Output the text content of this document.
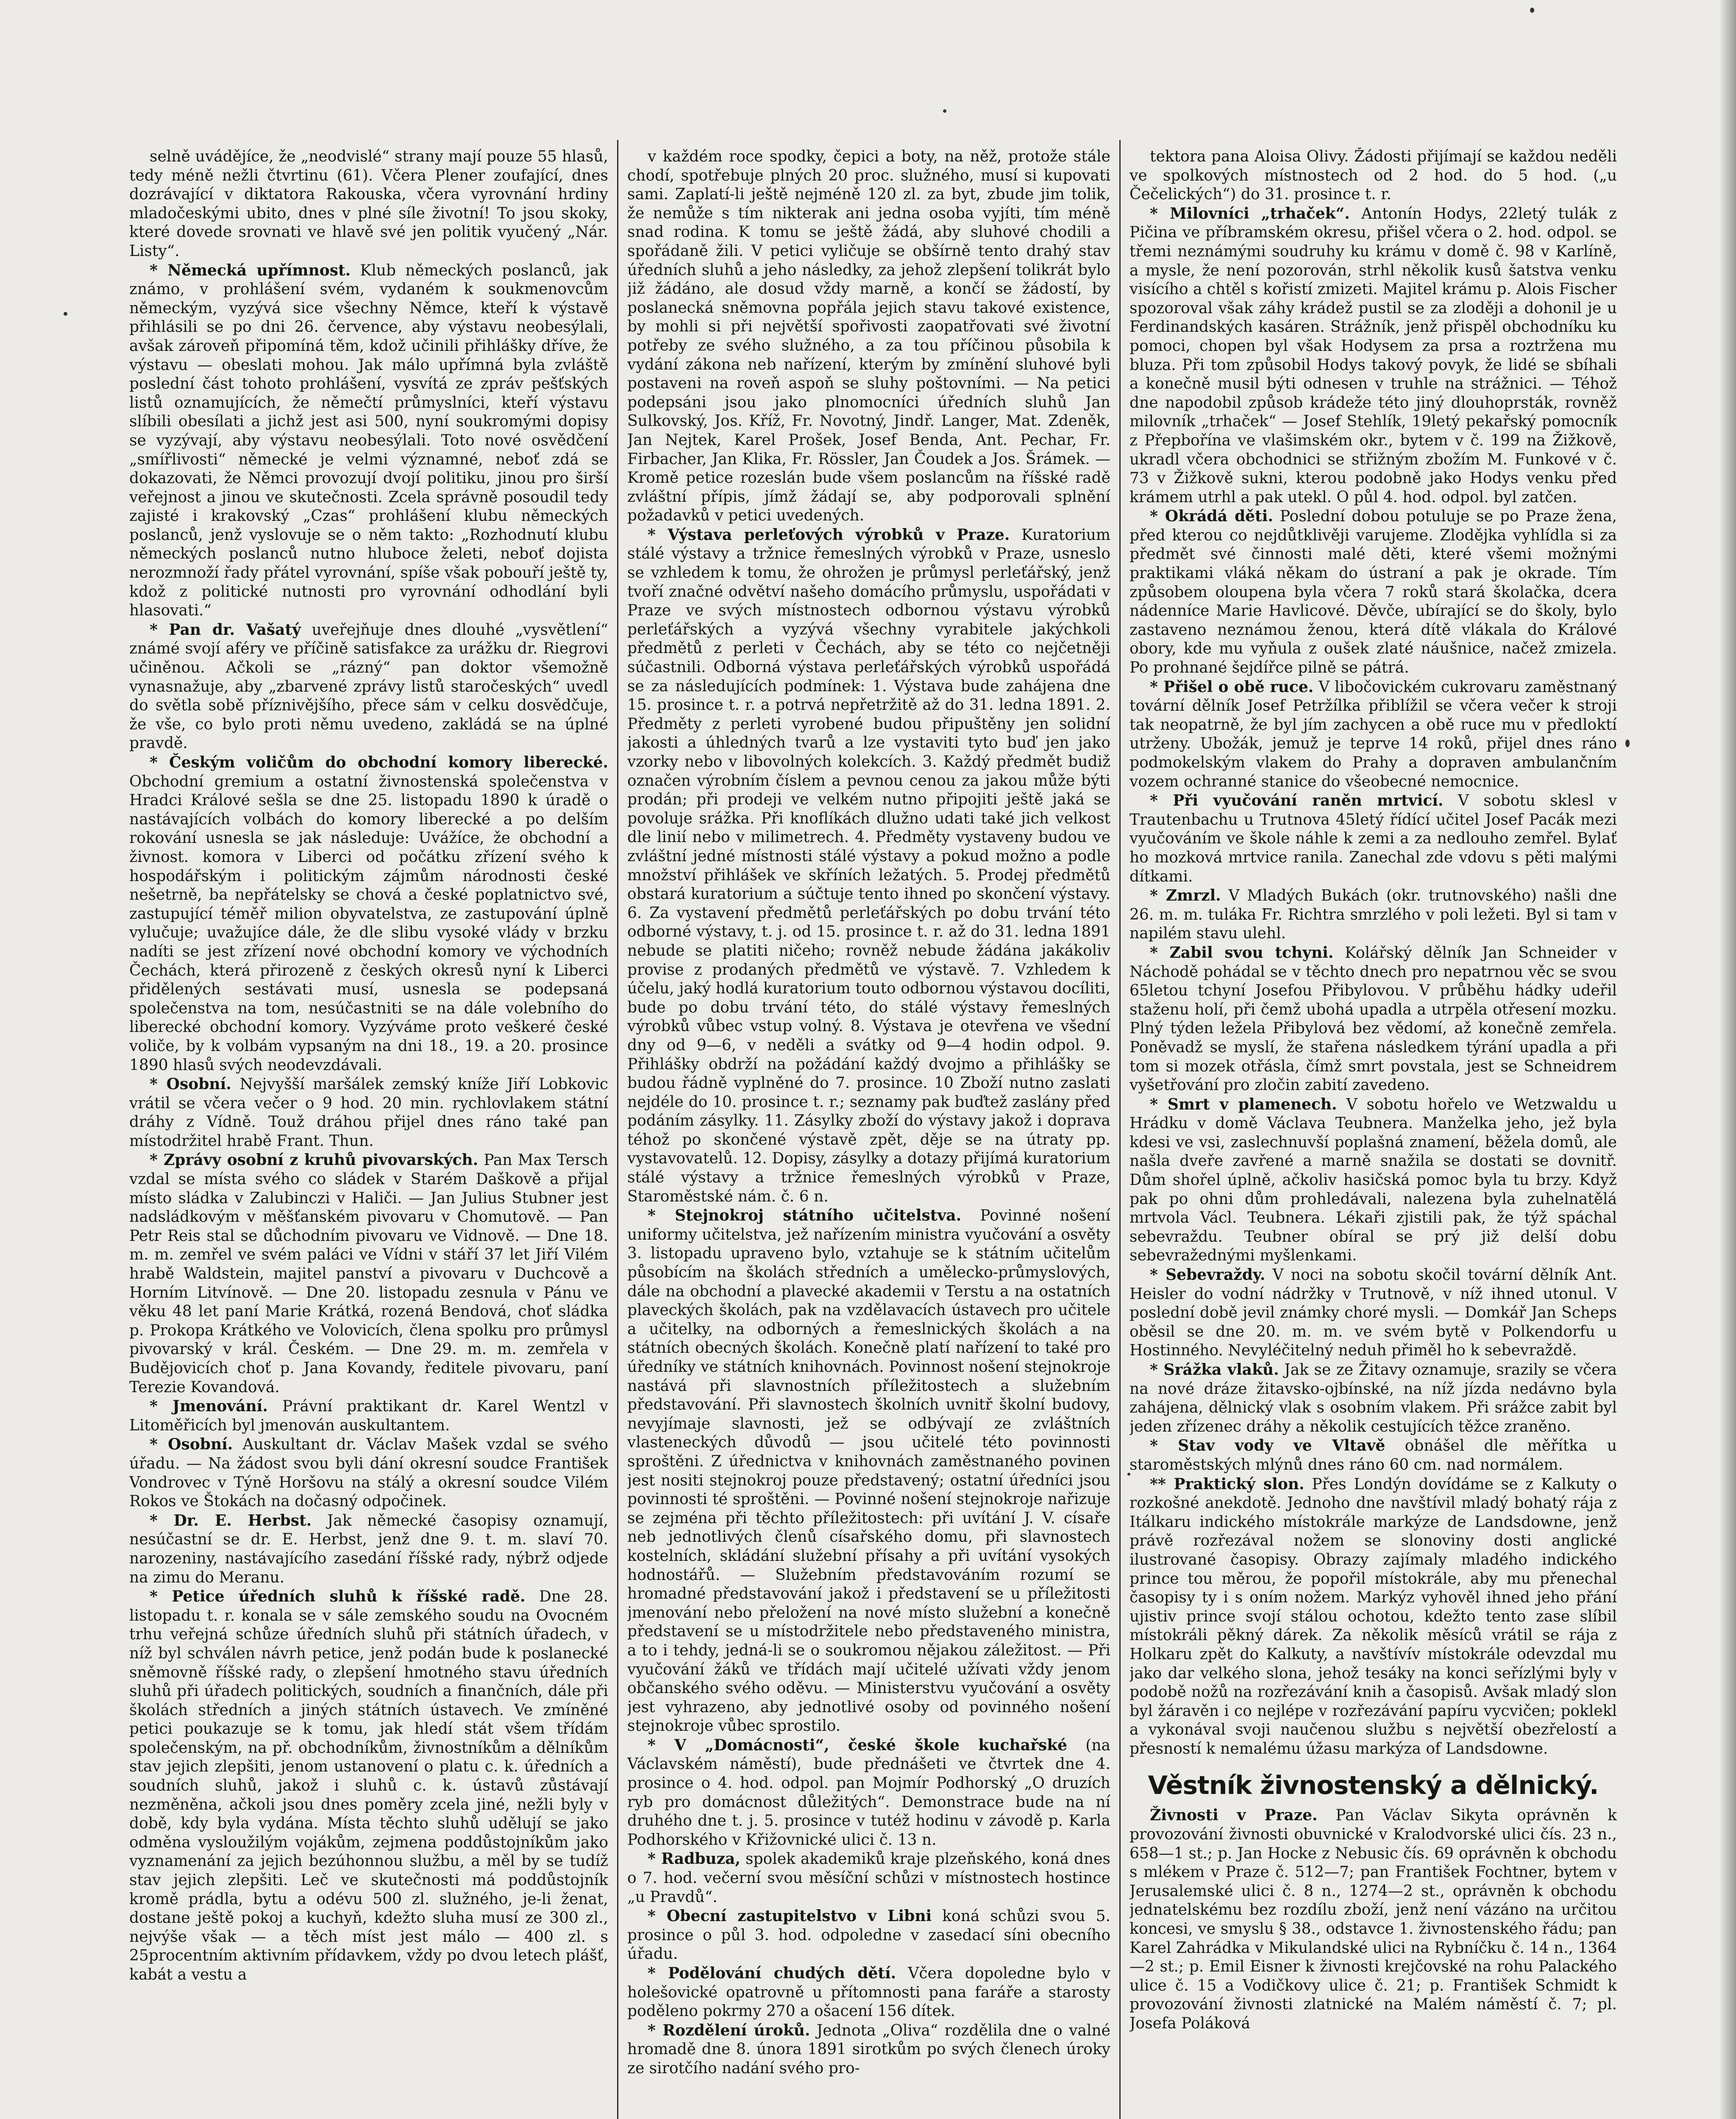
selně uvádějíce, že „neodvislé“ strany mají pouze 55 hlasů, tedy méně nežli čtvrtinu (61). Včera Plener zoufající, dnes dozrávající v diktatora Rakouska, včera vyrovnání hrdiny mladočeskými ubito, dnes v plné síle životní! To jsou skoky, které dovede srovnati ve hlavě své jen politik vyučený „Nár. Listy“.

* Německá upřímnost. Klub německých poslanců, jak známo, v prohlášení svém, vydaném k soukmenovcům německým, vyzývá sice všechny Němce, kteří k výstavě přihlásili se po dni 26. července, aby výstavu neobesýlali, avšak zároveň připomíná těm, kdož učinili přihlášky dříve, že výstavu — obeslati mohou. Jak málo upřímná byla zvláště poslední část tohoto prohlášení, vysvítá ze zpráv pešťských listů oznamujících, že němečtí průmyslníci, kteří výstavu slíbili obesílati a jichž jest asi 500, nyní soukromými dopisy se vyzývají, aby výstavu neobesýlali. Toto nové osvědčení „smířlivosti“ německé je velmi významné, neboť zdá se dokazovati, že Němci provozují dvojí politiku, jinou pro širší veřejnost a jinou ve skutečnosti. Zcela správně posoudil tedy zajisté i krakovský „Czas“ prohlášení klubu německých poslanců, jenž vyslovuje se o něm takto: „Rozhodnutí klubu německých poslanců nutno hluboce želeti, neboť dojista nerozmnoží řady přátel vyrovnání, spíše však pobouří ještě ty, kdož z politické nutnosti pro vyrovnání odhodlání byli hlasovati.“

* Pan dr. Vašatý uveřejňuje dnes dlouhé „vysvětlení“ známé svojí aféry ve příčině satisfakce za urážku dr. Riegrovi učiněnou. Ačkoli se „rázný“ pan doktor všemožně vynasnažuje, aby „zbarvené zprávy listů staročeských“ uvedl do světla sobě příznivějšího, přece sám v celku dosvědčuje, že vše, co bylo proti němu uvedeno, zakládá se na úplné pravdě.

* Českým voličům do obchodní komory liberecké. Obchodní gremium a ostatní živnostenská společenstva v Hradci Králové sešla se dne 25. listopadu 1890 k úradě o nastávajících volbách do komory liberecké a po delším rokování usnesla se jak následuje: Uvážíce, že obchodní a živnost. komora v Liberci od počátku zřízení svého k hospodářským i politickým zájmům národnosti české nešetrně, ba nepřátelsky se chová a české poplatnictvo své, zastupující téměř milion obyvatelstva, ze zastupování úplně vylučuje; uvažujíce dále, že dle slibu vysoké vlády v brzku nadíti se jest zřízení nové obchodní komory ve východních Čechách, která přirozeně z českých okresů nyní k Liberci přidělených sestávati musí, usnesla se podepsaná společenstva na tom, nesúčastniti se na dále volebního do liberecké obchodní komory. Vyzýváme proto veškeré české voliče, by k volbám vypsaným na dni 18., 19. a 20. prosince 1890 hlasů svých neodevzdávali.

* Osobní. Nejvyšší maršálek zemský kníže Jiří Lobkovic vrátil se včera večer o 9 hod. 20 min. rychlovlakem státní dráhy z Vídně. Touž dráhou přijel dnes ráno také pan místodržitel hrabě Frant. Thun.

* Zprávy osobní z kruhů pivovarských. Pan Max Tersch vzdal se místa svého co sládek v Starém Daškově a přijal místo sládka v Zalubinczi v Haliči. — Jan Julius Stubner jest nadsládkovým v měšťanském pivovaru v Chomutově. — Pan Petr Reis stal se důchodním pivovaru ve Vidnově. — Dne 18. m. m. zemřel ve svém paláci ve Vídni v stáří 37 let Jiří Vilém hrabě Waldstein, majitel panství a pivovaru v Duchcově a Horním Litvínově. — Dne 20. listopadu zesnula v Pánu ve věku 48 let paní Marie Krátká, rozená Bendová, choť sládka p. Prokopa Krátkého ve Volovicích, člena spolku pro průmysl pivovarský v král. Českém. — Dne 29. m. m. zemřela v Budějovicích choť p. Jana Kovandy, ředitele pivovaru, paní Terezie Kovandová.

* Jmenování. Právní praktikant dr. Karel Wentzl v Litoměřicích byl jmenován auskultantem.

* Osobní. Auskultant dr. Václav Mašek vzdal se svého úřadu. — Na žádost svou byli dání okresní soudce František Vondrovec v Týně Horšovu na stálý a okresní soudce Vilém Rokos ve Štokách na dočasný odpočinek.

* Dr. E. Herbst. Jak německé časopisy oznamují, nesúčastní se dr. E. Herbst, jenž dne 9. t. m. slaví 70. narozeniny, nastávajícího zasedání říšské rady, nýbrž odjede na zimu do Meranu.

* Petice úředních sluhů k říšské radě. Dne 28. listopadu t. r. konala se v sále zemského soudu na Ovocném trhu veřejná schůze úředních sluhů při státních úřadech, v níž byl schválen návrh petice, jenž podán bude k poslanecké sněmovně říšské rady, o zlepšení hmotného stavu úředních sluhů při úřadech politických, soudních a finančních, dále při školách středních a jiných státních ústavech. Ve zmíněné petici poukazuje se k tomu, jak hledí stát všem třídám společenským, na př. obchodníkům, živnostníkům a dělníkům stav jejich zlepšiti, jenom ustanovení o platu c. k. úředních a soudních sluhů, jakož i sluhů c. k. ústavů zůstávají nezměněna, ačkoli jsou dnes poměry zcela jiné, nežli byly v době, kdy byla vydána. Místa těchto sluhů udělují se jako odměna vysloužilým vojákům, zejmena poddůstojníkům jako vyznamenání za jejich bezúhonnou službu, a měl by se tudíž stav jejich zlepšiti. Leč ve skutečnosti má poddůstojník kromě prádla, bytu a odévu 500 zl. služného, je-li ženat, dostane ještě pokoj a kuchyň, kdežto sluha musí ze 300 zl., nejvýše však — a těch míst jest málo — 400 zl. s 25procentním aktivním přídavkem, vždy po dvou letech plášť, kabát a vestu a

v každém roce spodky, čepici a boty, na něž, protože stále chodí, spotřebuje plných 20 proc. služného, musí si kupovati sami. Zaplatí-li ještě nejméně 120 zl. za byt, zbude jim tolik, že nemůže s tím nikterak ani jedna osoba vyjíti, tím méně snad rodina. K tomu se ještě žádá, aby sluhové chodili a spořádaně žili. V petici vyličuje se obšírně tento drahý stav úředních sluhů a jeho následky, za jehož zlepšení tolikrát bylo již žádáno, ale dosud vždy marně, a končí se žádostí, by poslanecká sněmovna popřála jejich stavu takové existence, by mohli si při největší spořivosti zaopatřovati své životní potřeby ze svého služného, a za tou příčinou působila k vydání zákona neb nařízení, kterým by zmínění sluhové byli postaveni na roveň aspoň se sluhy poštovními. — Na petici podepsáni jsou jako plnomocníci úředních sluhů Jan Sulkovský, Jos. Kříž, Fr. Novotný, Jindř. Langer, Mat. Zdeněk, Jan Nejtek, Karel Prošek, Josef Benda, Ant. Pechar, Fr. Firbacher, Jan Klika, Fr. Rössler, Jan Čoudek a Jos. Šrámek. — Kromě petice rozeslán bude všem poslancům na říšské radě zvláštní přípis, jímž žádají se, aby podporovali splnění požadavků v petici uvedených.

* Výstava perleťových výrobků v Praze. Kuratorium stálé výstavy a tržnice řemeslných výrobků v Praze, usneslo se vzhledem k tomu, že ohrožen je průmysl perleťářský, jenž tvoří značné odvětví našeho domácího průmyslu, uspořádati v Praze ve svých místnostech odbornou výstavu výrobků perleťářských a vyzývá všechny vyrabitele jakýchkoli předmětů z perleti v Čechách, aby se této co nejčetněji súčastnili. Odborná výstava perleťářských výrobků uspořádá se za následujících podmínek: 1. Výstava bude zahájena dne 15. prosince t. r. a potrvá nepřetržitě až do 31. ledna 1891. 2. Předměty z perleti vyrobené budou připuštěny jen solidní jakosti a úhledných tvarů a lze vystaviti tyto buď jen jako vzorky nebo v libovolných kolekcích. 3. Každý předmět budiž označen výrobním číslem a pevnou cenou za jakou může býti prodán; při prodeji ve velkém nutno připojiti ještě jaká se povoluje srážka. Při knoflíkách dlužno udati také jich velkost dle linií nebo v milimetrech. 4. Předměty vystaveny budou ve zvláštní jedné místnosti stálé výstavy a pokud možno a podle množství přihlášek ve skříních ležatých. 5. Prodej předmětů obstará kuratorium a súčtuje tento ihned po skončení výstavy. 6. Za vystavení předmětů perleťářských po dobu trvání této odborné výstavy, t. j. od 15. prosince t. r. až do 31. ledna 1891 nebude se platiti ničeho; rovněž nebude žádána jakákoliv provise z prodaných předmětů ve výstavě. 7. Vzhledem k účelu, jaký hodlá kuratorium touto odbornou výstavou docíliti, bude po dobu trvání této, do stálé výstavy řemeslných výrobků vůbec vstup volný. 8. Výstava je otevřena ve všední dny od 9—6, v neděli a svátky od 9—4 hodin odpol. 9. Přihlášky obdrží na požádání každý dvojmo a přihlášky se budou řádně vyplněné do 7. prosince. 10 Zboží nutno zaslati nejdéle do 10. prosince t. r.; seznamy pak buďtež zaslány před podáním zásylky. 11. Zásylky zboží do výstavy jakož i doprava téhož po skončené výstavě zpět, děje se na útraty pp. vystavovatelů. 12. Dopisy, zásylky a dotazy přijímá kuratorium stálé výstavy a tržnice řemeslných výrobků v Praze, Staroměstské nám. č. 6 n.

* Stejnokroj státního učitelstva. Povinné nošení uniformy učitelstva, jež nařízením ministra vyučování a osvěty 3. listopadu upraveno bylo, vztahuje se k státním učitelům působícím na školách středních a umělecko-průmyslových, dále na obchodní a plavecké akademii v Terstu a na ostatních plaveckých školách, pak na vzdělavacích ústavech pro učitele a učitelky, na odborných a řemeslnických školách a na státních obecných školách. Konečně platí nařízení to také pro úředníky ve státních knihovnách. Povinnost nošení stejnokroje nastává při slavnostních příležitostech a služebním představování. Při slavnostech školních uvnitř školní budovy, nevyjímaje slavnosti, jež se odbývají ze zvláštních vlasteneckých důvodů — jsou učitelé této povinnosti sproštěni. Z úřednictva v knihovnách zaměstnaného povinen jest nositi stejnokroj pouze představený; ostatní úředníci jsou povinnosti té sproštěni. — Povinné nošení stejnokroje nařizuje se zejména při těchto příležitostech: při uvítání J. V. císaře neb jednotlivých členů císařského domu, při slavnostech kostelních, skládání služební přísahy a při uvítání vysokých hodnostářů. — Služebním představováním rozumí se hromadné představování jakož i představení se u příležitosti jmenování nebo přeložení na nové místo služební a konečně představení se u místodržitele nebo představeného ministra, a to i tehdy, jedná-li se o soukromou nějakou záležitost. — Při vyučování žáků ve třídách mají učitelé užívati vždy jenom občanského svého oděvu. — Ministerstvu vyučování a osvěty jest vyhrazeno, aby jednotlivé osoby od povinného nošení stejnokroje vůbec sprostilo.

* V „Domácnosti“, české škole kuchařské (na Václavském náměstí), bude přednášeti ve čtvrtek dne 4. prosince o 4. hod. odpol. pan Mojmír Podhorský „O druzích ryb pro domácnost důležitých“. Demonstrace bude na ní druhého dne t. j. 5. prosince v tutéž hodinu v závodě p. Karla Podhorského v Křižovnické ulici č. 13 n.

* Radbuza, spolek akademiků kraje plzeňského, koná dnes o 7. hod. večerní svou měsíční schůzi v místnostech hostince „u Pravdů“.

* Obecní zastupitelstvo v Libni koná schůzi svou 5. prosince o půl 3. hod. odpoledne v zasedací síni obecního úřadu.

* Podělování chudých dětí. Včera dopoledne bylo v holešovické opatrovně u přítomnosti pana faráře a starosty poděleno pokrmy 270 a ošacení 156 dítek.

* Rozdělení úroků. Jednota „Oliva“ rozdělila dne o valné hromadě dne 8. února 1891 sirotkům po svých členech úroky ze sirotčího nadání svého pro-

tektora pana Aloisa Olivy. Žádosti přijímají se každou neděli ve spolkových místnostech od 2 hod. do 5 hod. („u Čečelických“) do 31. prosince t. r.

* Milovníci „trhaček“. Antonín Hodys, 22letý tulák z Pičina ve příbramském okresu, přišel včera o 2. hod. odpol. se třemi neznámými soudruhy ku krámu v domě č. 98 v Karlíně, a mysle, že není pozorován, strhl několik kusů šatstva venku visícího a chtěl s kořistí zmizeti. Majitel krámu p. Alois Fischer spozoroval však záhy krádež pustil se za zloději a dohonil je u Ferdinandských kasáren. Strážník, jenž přispěl obchodníku ku pomoci, chopen byl však Hodysem za prsa a roztržena mu bluza. Při tom způsobil Hodys takový povyk, že lidé se sbíhali a konečně musil býti odnesen v truhle na strážnici. — Téhož dne napodobil způsob krádeže této jiný dlouhoprsták, rovněž milovník „trhaček“ — Josef Stehlík, 19letý pekařský pomocník z Přepbořína ve vlašimském okr., bytem v č. 199 na Žižkově, ukradl včera obchodnici se střižným zbožím M. Funkové v č. 73 v Žižkově sukni, kterou podobně jako Hodys venku před krámem utrhl a pak utekl. O půl 4. hod. odpol. byl zatčen.

* Okrádá děti. Poslední dobou potuluje se po Praze žena, před kterou co nejdůtklivěji varujeme. Zlodějka vyhlídla si za předmět své činnosti malé děti, které všemi možnými praktikami vláká někam do ústraní a pak je okrade. Tím způsobem oloupena byla včera 7 roků stará školačka, dcera nádenníce Marie Havlicové. Děvče, ubírající se do školy, bylo zastaveno neznámou ženou, která dítě vlákala do Králové obory, kde mu vyňula z oušek zlaté náušnice, načež zmizela. Po prohnané šejdířce pilně se pátrá.

* Přišel o obě ruce. V libočovickém cukrovaru zaměstnaný tovární dělník Josef Petržílka přiblížil se včera večer k stroji tak neopatrně, že byl jím zachycen a obě ruce mu v předloktí utrženy. Ubožák, jemuž je teprve 14 roků, přijel dnes ráno podmokelským vlakem do Prahy a dopraven ambulančním vozem ochranné stanice do všeobecné nemocnice.

* Při vyučování raněn mrtvicí. V sobotu sklesl v Trautenbachu u Trutnova 45letý řídící učitel Josef Pacák mezi vyučováním ve škole náhle k zemi a za nedlouho zemřel. Bylať ho mozková mrtvice ranila. Zanechal zde vdovu s pěti malými dítkami.

* Zmrzl. V Mladých Bukách (okr. trutnovského) našli dne 26. m. m. tuláka Fr. Richtra smrzlého v poli ležeti. Byl si tam v napilém stavu ulehl.

* Zabil svou tchyni. Kolářský dělník Jan Schneider v Náchodě pohádal se v těchto dnech pro nepatrnou věc se svou 65letou tchyní Josefou Přibylovou. V průběhu hádky udeřil staženu holí, při čemž ubohá upadla a utrpěla otřesení mozku. Plný týden ležela Přibylová bez vědomí, až konečně zemřela. Poněvadž se myslí, že stařena následkem týrání upadla a při tom si mozek otřásla, čímž smrt povstala, jest se Schneidrem vyšetřování pro zločin zabití zavedeno.

* Smrt v plamenech. V sobotu hořelo ve Wetzwaldu u Hrádku v domě Václava Teubnera. Manželka jeho, jež byla kdesi ve vsi, zaslechnuvší poplašná znamení, běžela domů, ale našla dveře zavřené a marně snažila se dostati se dovnitř. Dům shořel úplně, ačkoliv hasičská pomoc byla tu brzy. Když pak po ohni dům prohledávali, nalezena byla zuhelnatělá mrtvola Václ. Teubnera. Lékaři zjistili pak, že týž spáchal sebevraždu. Teubner obíral se prý již delší dobu sebevražednými myšlenkami.

* Sebevraždy. V noci na sobotu skočil tovární dělník Ant. Heisler do vodní nádržky v Trutnově, v níž ihned utonul. V poslední době jevil známky choré mysli. — Domkář Jan Scheps oběsil se dne 20. m. m. ve svém bytě v Polkendorfu u Hostinného. Nevyléčitelný neduh přiměl ho k sebevraždě.

* Srážka vlaků. Jak se ze Žitavy oznamuje, srazily se včera na nové dráze žitavsko-ojbínské, na níž jízda nedávno byla zahájena, dělnický vlak s osobním vlakem. Při srážce zabit byl jeden zřízenec dráhy a několik cestujících těžce zraněno.

* Stav vody ve Vltavě obnášel dle měřítka u staroměstských mlýnů dnes ráno 60 cm. nad normálem.

** Praktický slon. Přes Londýn dovídáme se z Kalkuty o rozkošné anekdotě. Jednoho dne navštívil mladý bohatý rája z Itálkaru indického místokrále markýze de Landsdowne, jenž právě rozřezával nožem se slonoviny dosti anglické ilustrované časopisy. Obrazy zajímaly mladého indického prince tou měrou, že popořil místokrále, aby mu přenechal časopisy ty i s oním nožem. Markýz vyhověl ihned jeho přání ujistiv prince svojí stálou ochotou, kdežto tento zase slíbil místokráli pěkný dárek. Za několik měsíců vrátil se rája z Holkaru zpět do Kalkuty, a navštívív místokrále odevzdal mu jako dar velkého slona, jehož tesáky na konci seřízlými byly v podobě nožů na rozřezávání knih a časopisů. Avšak mladý slon byl žáravěn i co nejlépe v rozřezávání papíru vycvičen; poklekl a vykonával svoji naučenou službu s největší obezřelostí a přesností k nemalému úžasu markýza of Landsdowne.

Věstník živnostenský a dělnický.

Živnosti v Praze. Pan Václav Sikyta oprávněn k provozování živnosti obuvnické v Kralodvorské ulici čís. 23 n., 658—1 st.; p. Jan Hocke z Nebusic čís. 69 oprávněn k obchodu s mlékem v Praze č. 512—7; pan František Fochtner, bytem v Jerusalemské ulici č. 8 n., 1274—2 st., oprávněn k obchodu jednatelskému bez rozdílu zboží, jenž není vázáno na určitou koncesi, ve smyslu § 38., odstavce 1. živnostenského řádu; pan Karel Zahrádka v Mikulandské ulici na Rybníčku č. 14 n., 1364—2 st.; p. Emil Eisner k živnosti krejčovské na rohu Palackého ulice č. 15 a Vodičkovy ulice č. 21; p. František Schmidt k provozování živnosti zlatnické na Malém náměstí č. 7; pl. Josefa Poláková
